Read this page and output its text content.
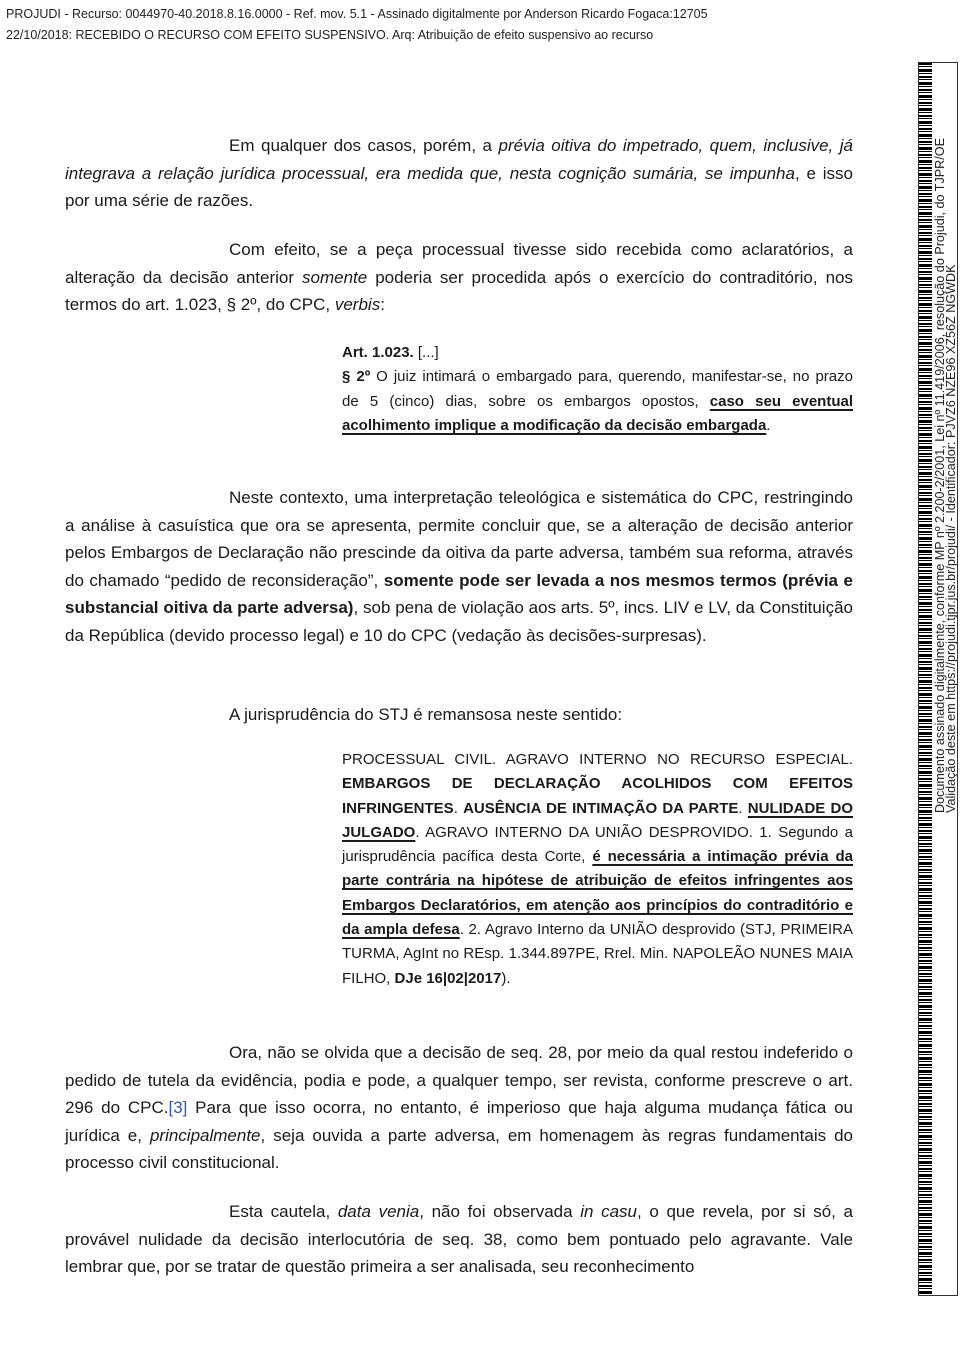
PROJUDI - Recurso: 0044970-40.2018.8.16.0000 - Ref. mov. 5.1 - Assinado digitalmente por Anderson Ricardo Fogaca:12705
22/10/2018: RECEBIDO O RECURSO COM EFEITO SUSPENSIVO. Arq: Atribuição de efeito suspensivo ao recurso

Em qualquer dos casos, porém, a prévia oitiva do impetrado, quem, inclusive, já integrava a relação jurídica processual, era medida que, nesta cognição sumária, se impunha, e isso por uma série de razões.

Com efeito, se a peça processual tivesse sido recebida como aclaratórios, a alteração da decisão anterior somente poderia ser procedida após o exercício do contraditório, nos termos do art. 1.023, § 2º, do CPC, verbis:

Art. 1.023. [...]
§ 2º O juiz intimará o embargado para, querendo, manifestar-se, no prazo de 5 (cinco) dias, sobre os embargos opostos, caso seu eventual acolhimento implique a modificação da decisão embargada.

Neste contexto, uma interpretação teleológica e sistemática do CPC, restringindo a análise à casuística que ora se apresenta, permite concluir que, se a alteração de decisão anterior pelos Embargos de Declaração não prescinde da oitiva da parte adversa, também sua reforma, através do chamado “pedido de reconsideração”, somente pode ser levada a nos mesmos termos (prévia e substancial oitiva da parte adversa), sob pena de violação aos arts. 5º, incs. LIV e LV, da Constituição da República (devido processo legal) e 10 do CPC (vedação às decisões-surpresas).

A jurisprudência do STJ é remansosa neste sentido:

PROCESSUAL CIVIL. AGRAVO INTERNO NO RECURSO ESPECIAL. EMBARGOS DE DECLARAÇÃO ACOLHIDOS COM EFEITOS INFRINGENTES. AUSÊNCIA DE INTIMAÇÃO DA PARTE. NULIDADE DO JULGADO. AGRAVO INTERNO DA UNIÃO DESPROVIDO. 1. Segundo a jurisprudência pacífica desta Corte, é necessária a intimação prévia da parte contrária na hipótese de atribuição de efeitos infringentes aos Embargos Declaratórios, em atenção aos princípios do contraditório e da ampla defesa. 2. Agravo Interno da UNIÃO desprovido (STJ, PRIMEIRA TURMA, AgInt no REsp. 1.344.897PE, Rrel. Min. NAPOLEÃO NUNES MAIA FILHO, DJe 16|02|2017).

Ora, não se olvida que a decisão de seq. 28, por meio da qual restou indeferido o pedido de tutela da evidência, podia e pode, a qualquer tempo, ser revista, conforme prescreve o art. 296 do CPC.[3] Para que isso ocorra, no entanto, é imperioso que haja alguma mudança fática ou jurídica e, principalmente, seja ouvida a parte adversa, em homenagem às regras fundamentais do processo civil constitucional.

Esta cautela, data venia, não foi observada in casu, o que revela, por si só, a provável nulidade da decisão interlocutória de seq. 38, como bem pontuado pelo agravante. Vale lembrar que, por se tratar de questão primeira a ser analisada, seu reconhecimento

Documento assinado digitalmente, conforme MP nº 2.200-2/2001, Lei nº 11.419/2006, resolução do Projudi, do TJPR/OE
Validação deste em https://projudi.tjpr.jus.br/projudi/ - Identificador: PJVZ6 NZE96 XZ56Z NGWDK
